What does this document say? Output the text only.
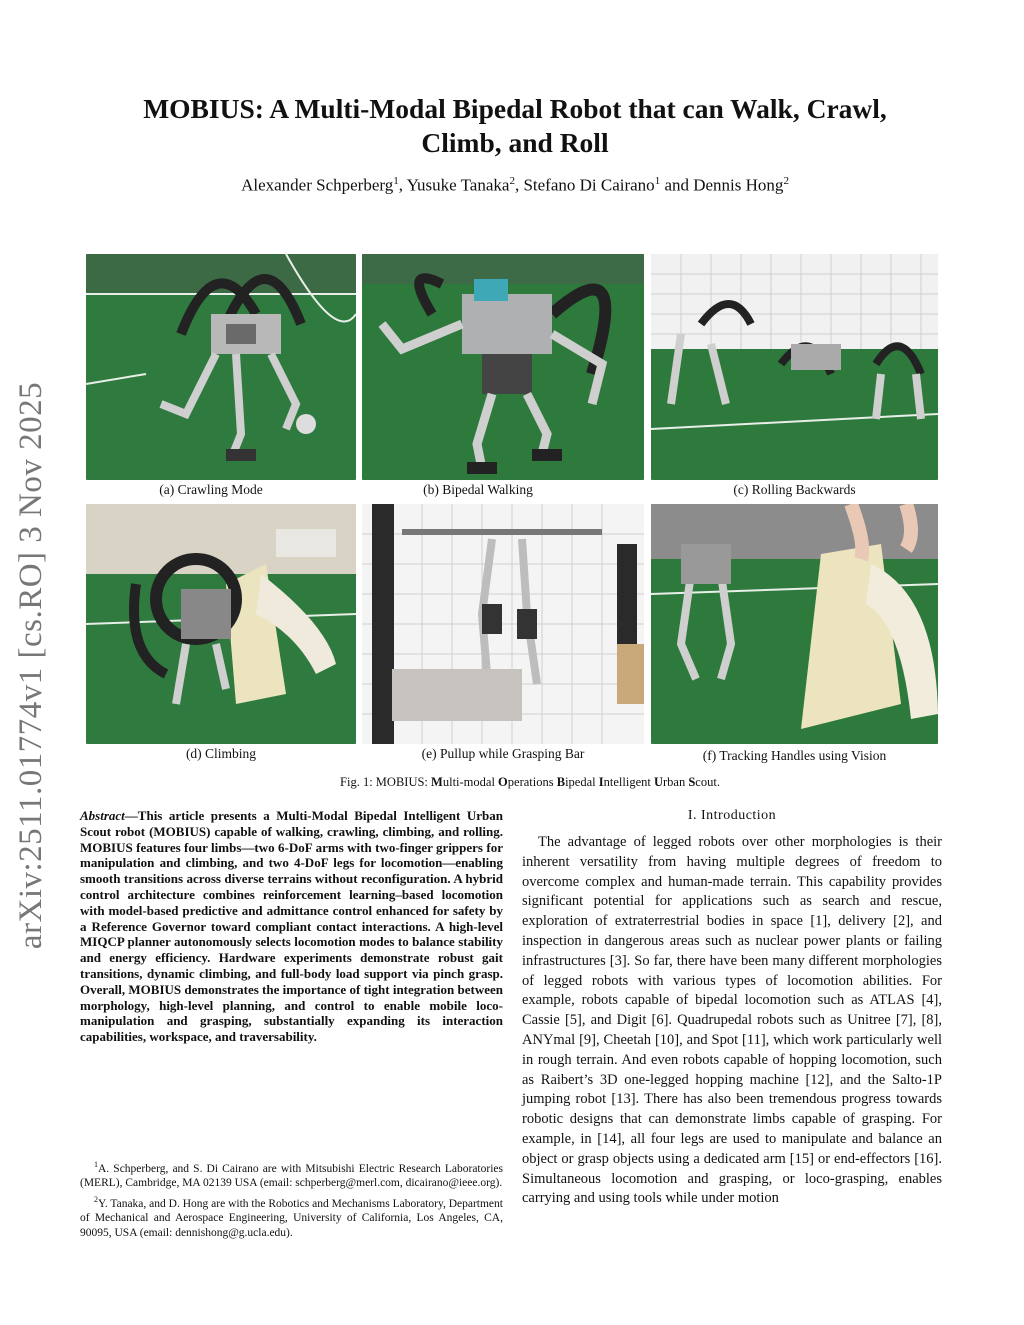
arXiv:2511.01774v1 [cs.RO] 3 Nov 2025
MOBIUS: A Multi-Modal Bipedal Robot that can Walk, Crawl,
Climb, and Roll
Alexander Schperberg$^1$, Yusuke Tanaka$^2$, Stefano Di Cairano$^1$ and Dennis Hong$^2$
(a) Crawling Mode	(b) Bipedal Walking	(c) Rolling Backwards
(d) Climbing	(e) Pullup while Grasping Bar	(f) Tracking Handles using Vision
Fig. 1: MOBIUS: Multi-modal Operations Bipedal Intelligent Urban Scout.
Abstract—This article presents a Multi-Modal Bipedal Intelligent Urban Scout robot (MOBIUS) capable of walking, crawling, climbing, and rolling. MOBIUS features four limbs—two 6-DoF arms with two-finger grippers for manipulation and climbing, and two 4-DoF legs for locomotion—enabling smooth transitions across diverse terrains without reconfiguration. A hybrid control architecture combines reinforcement learning–based locomotion with model-based predictive and admittance control enhanced for safety by a Reference Governor toward compliant contact interactions. A high-level MIQCP planner autonomously selects locomotion modes to balance stability and energy efficiency. Hardware experiments demonstrate robust gait transitions, dynamic climbing, and full-body load support via pinch grasp. Overall, MOBIUS demonstrates the importance of tight integration between morphology, high-level planning, and control to enable mobile loco-manipulation and grasping, substantially expanding its interaction capabilities, workspace, and traversability.

$^1$A. Schperberg, and S. Di Cairano are with Mitsubishi Electric Research Laboratories (MERL), Cambridge, MA 02139 USA (email: schperberg@merl.com, dicairano@ieee.org).

$^2$Y. Tanaka, and D. Hong are with the Robotics and Mechanisms Laboratory, Department of Mechanical and Aerospace Engineering, University of California, Los Angeles, CA, 90095, USA (email: dennishong@g.ucla.edu).

I. Introduction
The advantage of legged robots over other morphologies is their inherent versatility from having multiple degrees of freedom to overcome complex and human-made terrain. This capability provides significant potential for applications such as search and rescue, exploration of extraterrestrial bodies in space [1], delivery [2], and inspection in dangerous areas such as nuclear power plants or failing infrastructures [3]. So far, there have been many different morphologies of legged robots with various types of locomotion abilities. For example, robots capable of bipedal locomotion such as ATLAS [4], Cassie [5], and Digit [6]. Quadrupedal robots such as Unitree [7], [8], ANYmal [9], Cheetah [10], and Spot [11], which work particularly well in rough terrain. And even robots capable of hopping locomotion, such as Raibert’s 3D one-legged hopping machine [12], and the Salto-1P jumping robot [13]. There has also been tremendous progress towards robotic designs that can demonstrate limbs capable of grasping. For example, in [14], all four legs are used to manipulate and balance an object or grasp objects using a dedicated arm [15] or end-effectors [16]. Simultaneous locomotion and grasping, or loco-grasping, enables carrying and using tools while under motion
